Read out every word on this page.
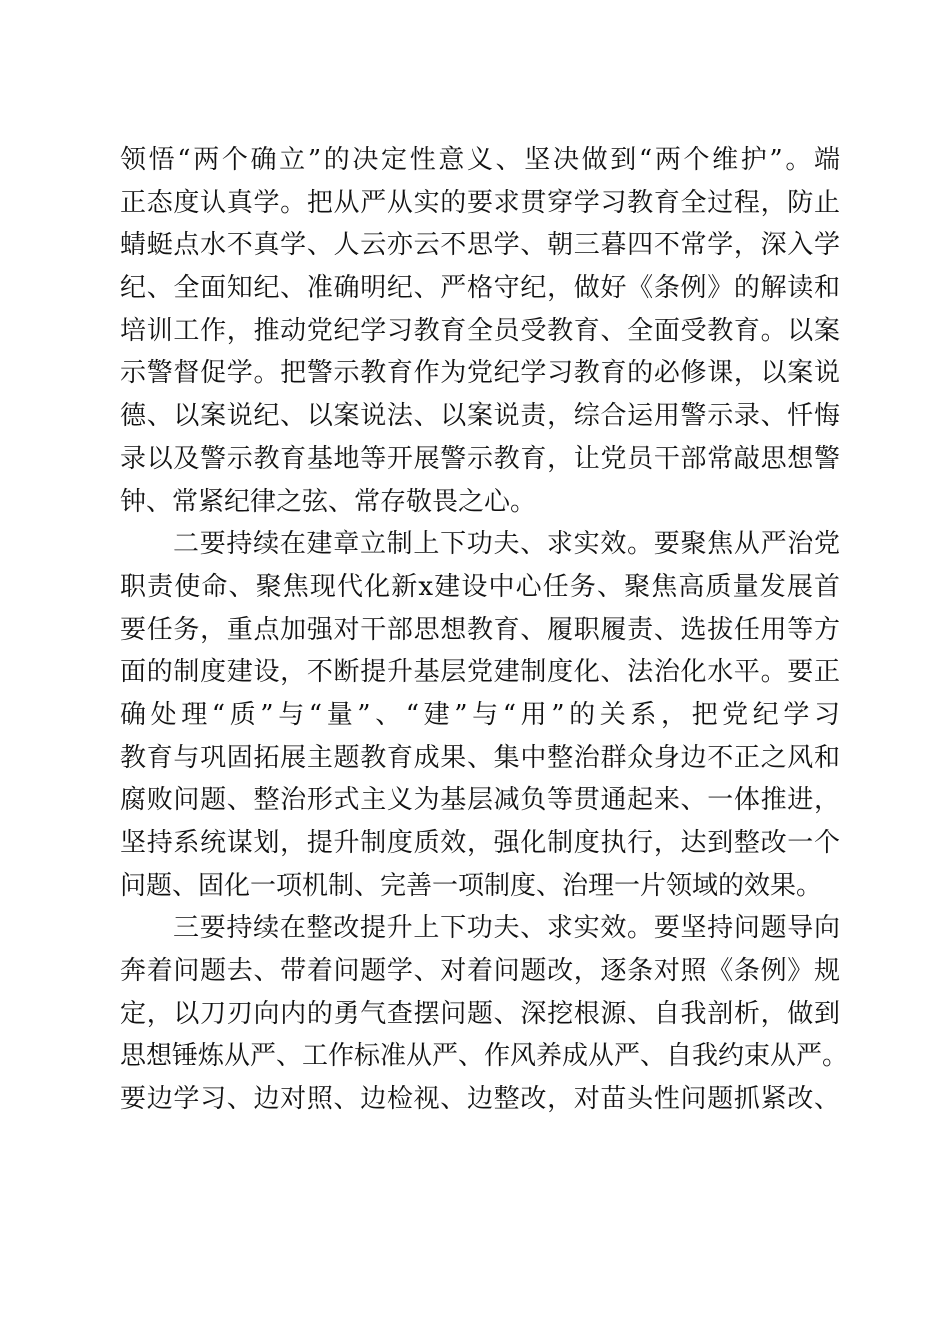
领悟“两个确立”的决定性意义、坚决做到“两个维护”。端
正态度认真学。把从严从实的要求贯穿学习教育全过程，防止
蜻蜓点水不真学、人云亦云不思学、朝三暮四不常学，深入学
纪、全面知纪、准确明纪、严格守纪，做好《条例》的解读和
培训工作，推动党纪学习教育全员受教育、全面受教育。以案
示警督促学。把警示教育作为党纪学习教育的必修课，以案说
德、以案说纪、以案说法、以案说责，综合运用警示录、忏悔
录以及警示教育基地等开展警示教育，让党员干部常敲思想警
钟、常紧纪律之弦、常存敬畏之心。
二要持续在建章立制上下功夫、求实效。要聚焦从严治党
职责使命、聚焦现代化新x建设中心任务、聚焦高质量发展首
要任务，重点加强对干部思想教育、履职履责、选拔任用等方
面的制度建设，不断提升基层党建制度化、法治化水平。要正
确处理“质”与“量”、“建”与“用”的关系，把党纪学习
教育与巩固拓展主题教育成果、集中整治群众身边不正之风和
腐败问题、整治形式主义为基层减负等贯通起来、一体推进，
坚持系统谋划，提升制度质效，强化制度执行，达到整改一个
问题、固化一项机制、完善一项制度、治理一片领域的效果。
三要持续在整改提升上下功夫、求实效。要坚持问题导向
奔着问题去、带着问题学、对着问题改，逐条对照《条例》规
定，以刀刃向内的勇气查摆问题、深挖根源、自我剖析，做到
思想锤炼从严、工作标准从严、作风养成从严、自我约束从严。
要边学习、边对照、边检视、边整改，对苗头性问题抓紧改、
